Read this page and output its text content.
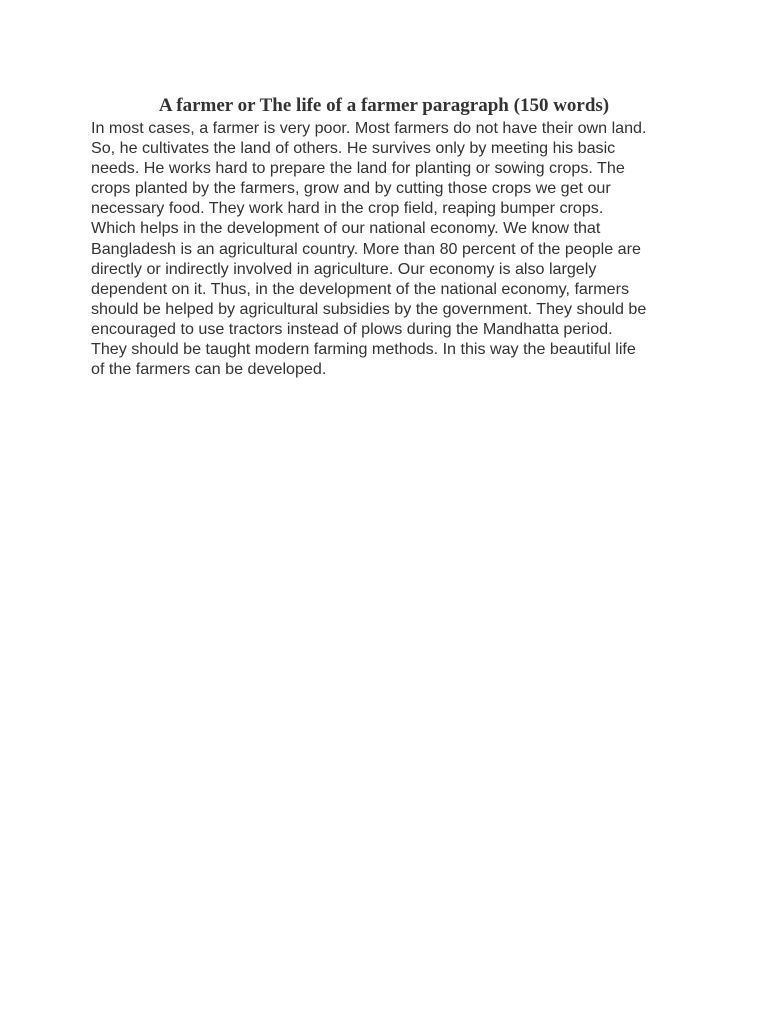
A farmer or The life of a farmer paragraph (150 words)

In most cases, a farmer is very poor. Most farmers do not have their own land.
So, he cultivates the land of others. He survives only by meeting his basic
needs. He works hard to prepare the land for planting or sowing crops. The
crops planted by the farmers, grow and by cutting those crops we get our
necessary food. They work hard in the crop field, reaping bumper crops.
Which helps in the development of our national economy. We know that
Bangladesh is an agricultural country. More than 80 percent of the people are
directly or indirectly involved in agriculture. Our economy is also largely
dependent on it. Thus, in the development of the national economy, farmers
should be helped by agricultural subsidies by the government. They should be
encouraged to use tractors instead of plows during the Mandhatta period.
They should be taught modern farming methods. In this way the beautiful life
of the farmers can be developed.
